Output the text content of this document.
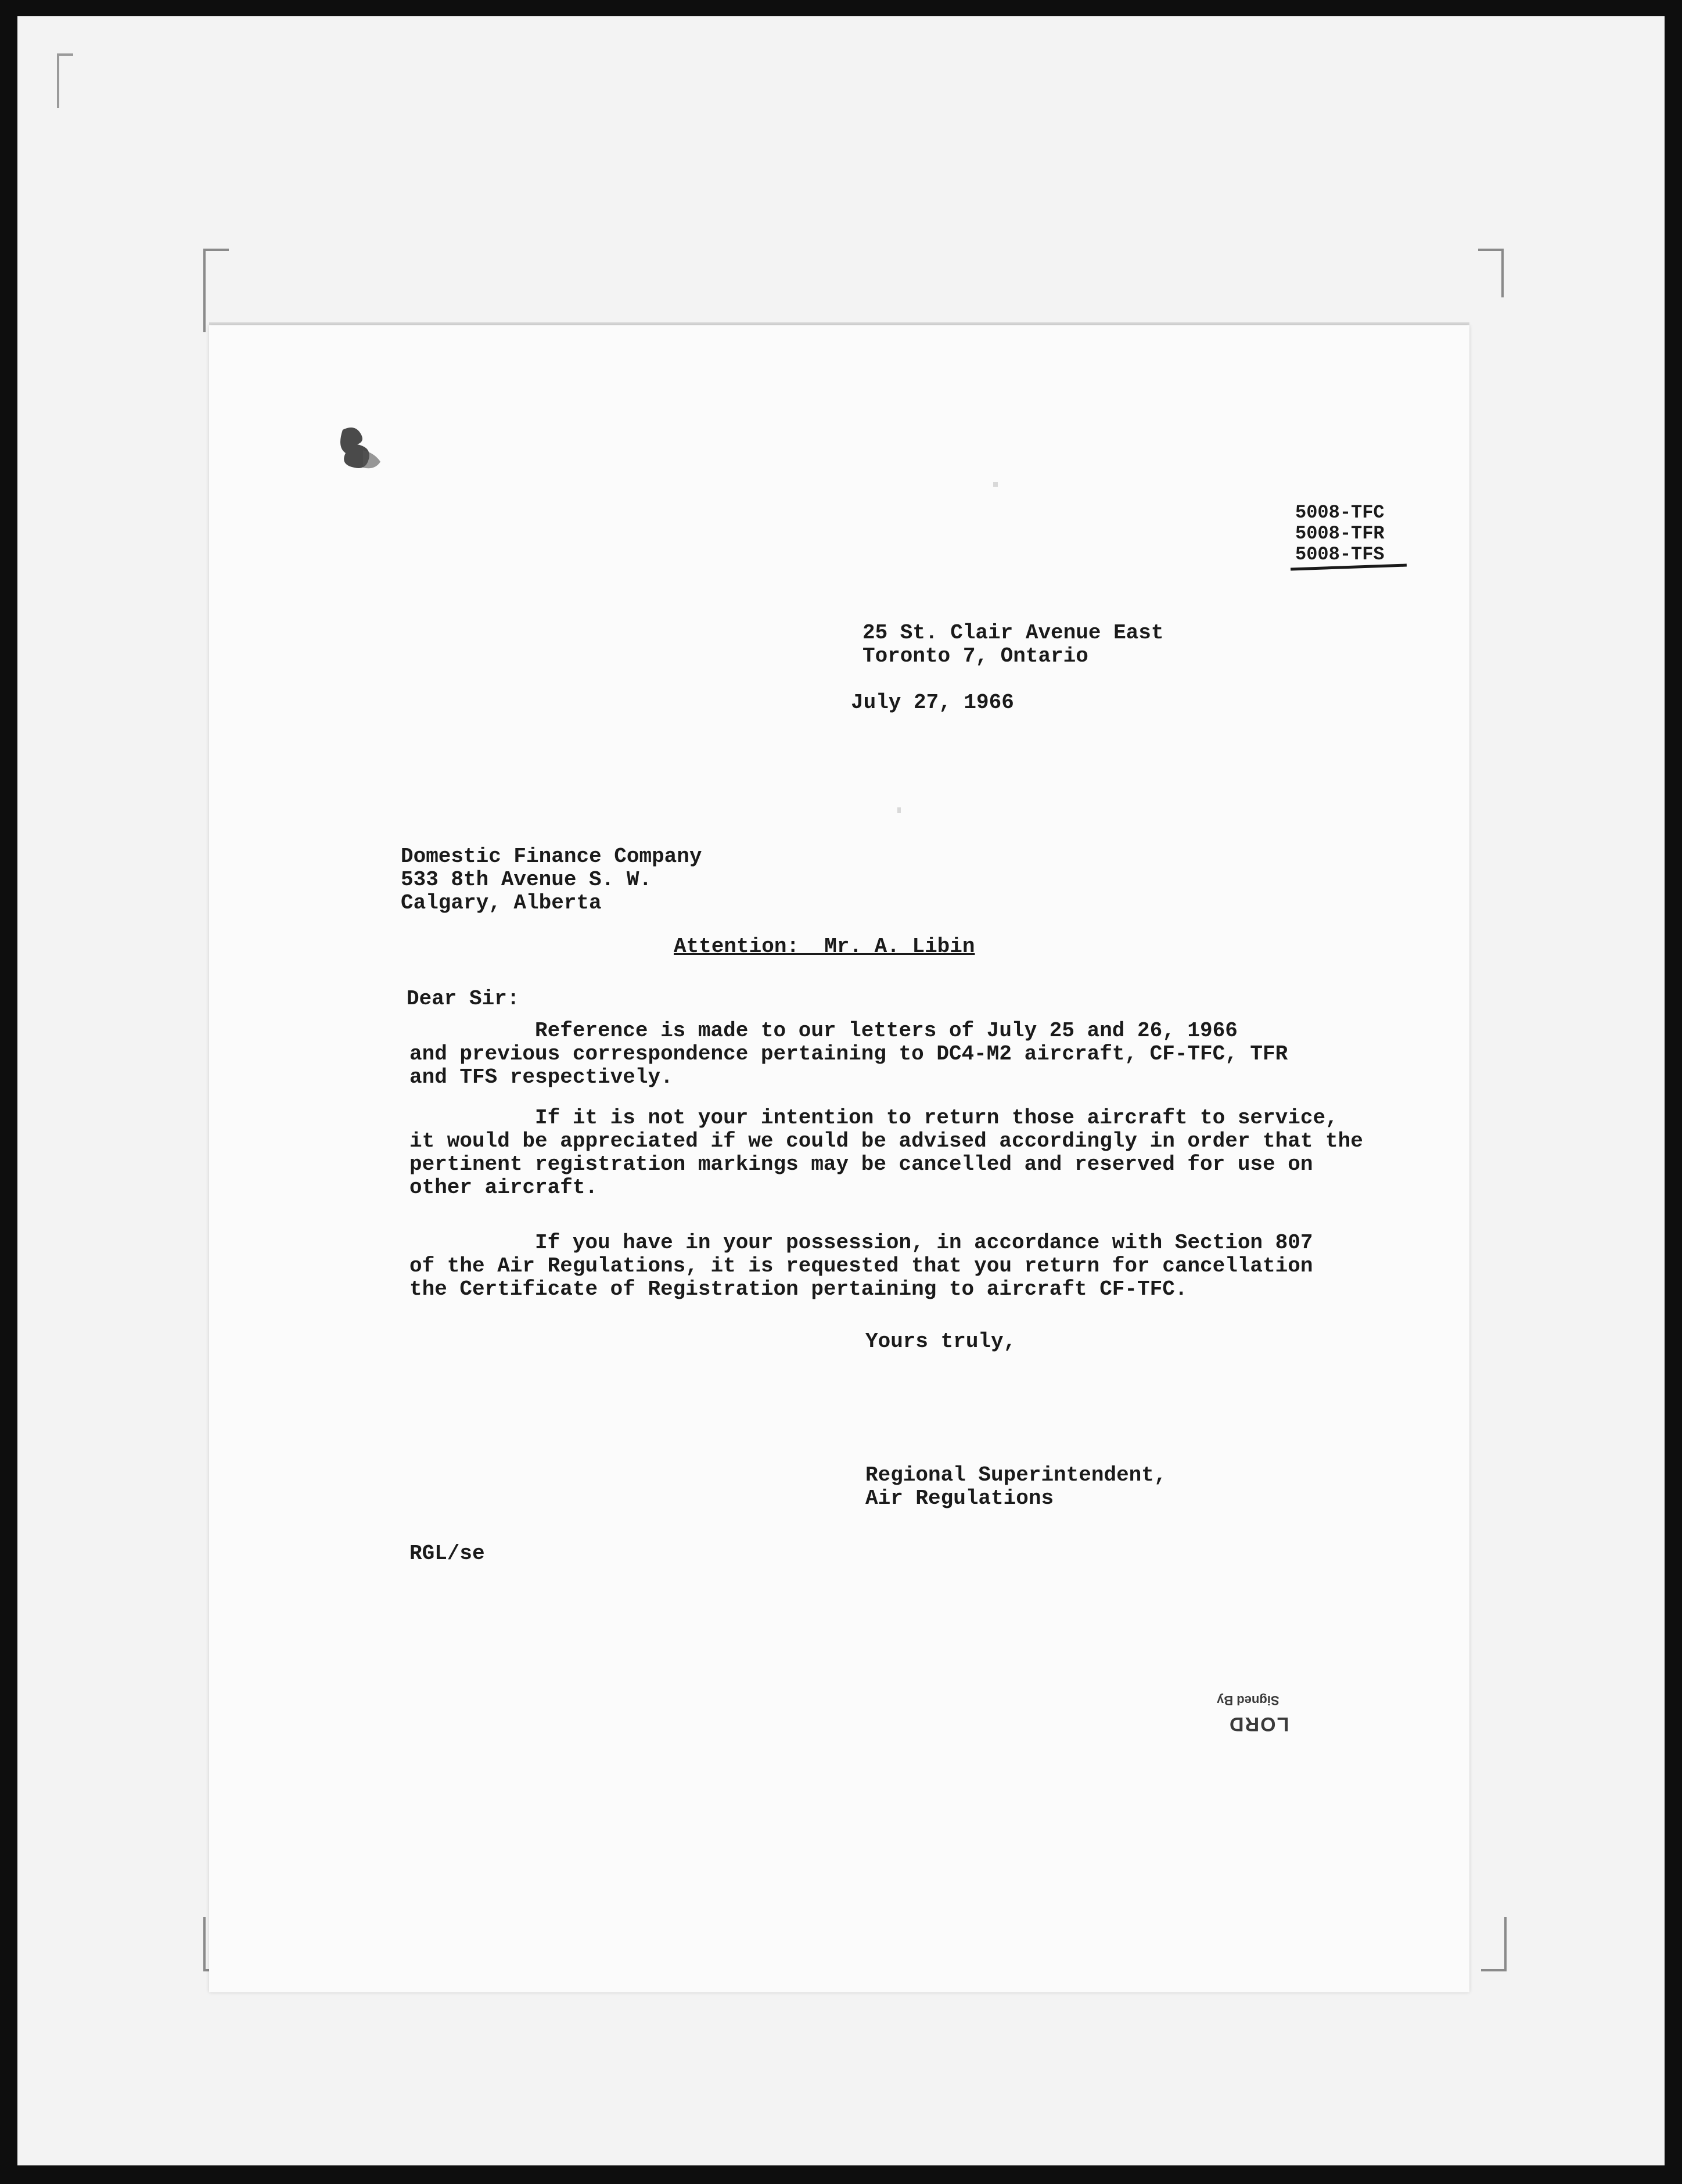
5008-TFC
5008-TFR
5008-TFS
25 St. Clair Avenue East
Toronto 7, Ontario
July 27, 1966
Domestic Finance Company
533 8th Avenue S. W.
Calgary, Alberta
Attention:  Mr. A. Libin
Dear Sir:
Reference is made to our letters of July 25 and 26, 1966
and previous correspondence pertaining to DC4-M2 aircraft, CF-TFC, TFR
and TFS respectively.
If it is not your intention to return those aircraft to service,
it would be appreciated if we could be advised accordingly in order that
pertinent registration markings may be cancelled and reserved for use on
other aircraft.
If you have in your possession, in accordance with Section 807
of the Air Regulations, it is requested that you return for cancellation
the Certificate of Registration pertaining to aircraft CF-TFC.
Yours truly,
Regional Superintendent,
Air Regulations
RGL/se
Signed By
LORD
